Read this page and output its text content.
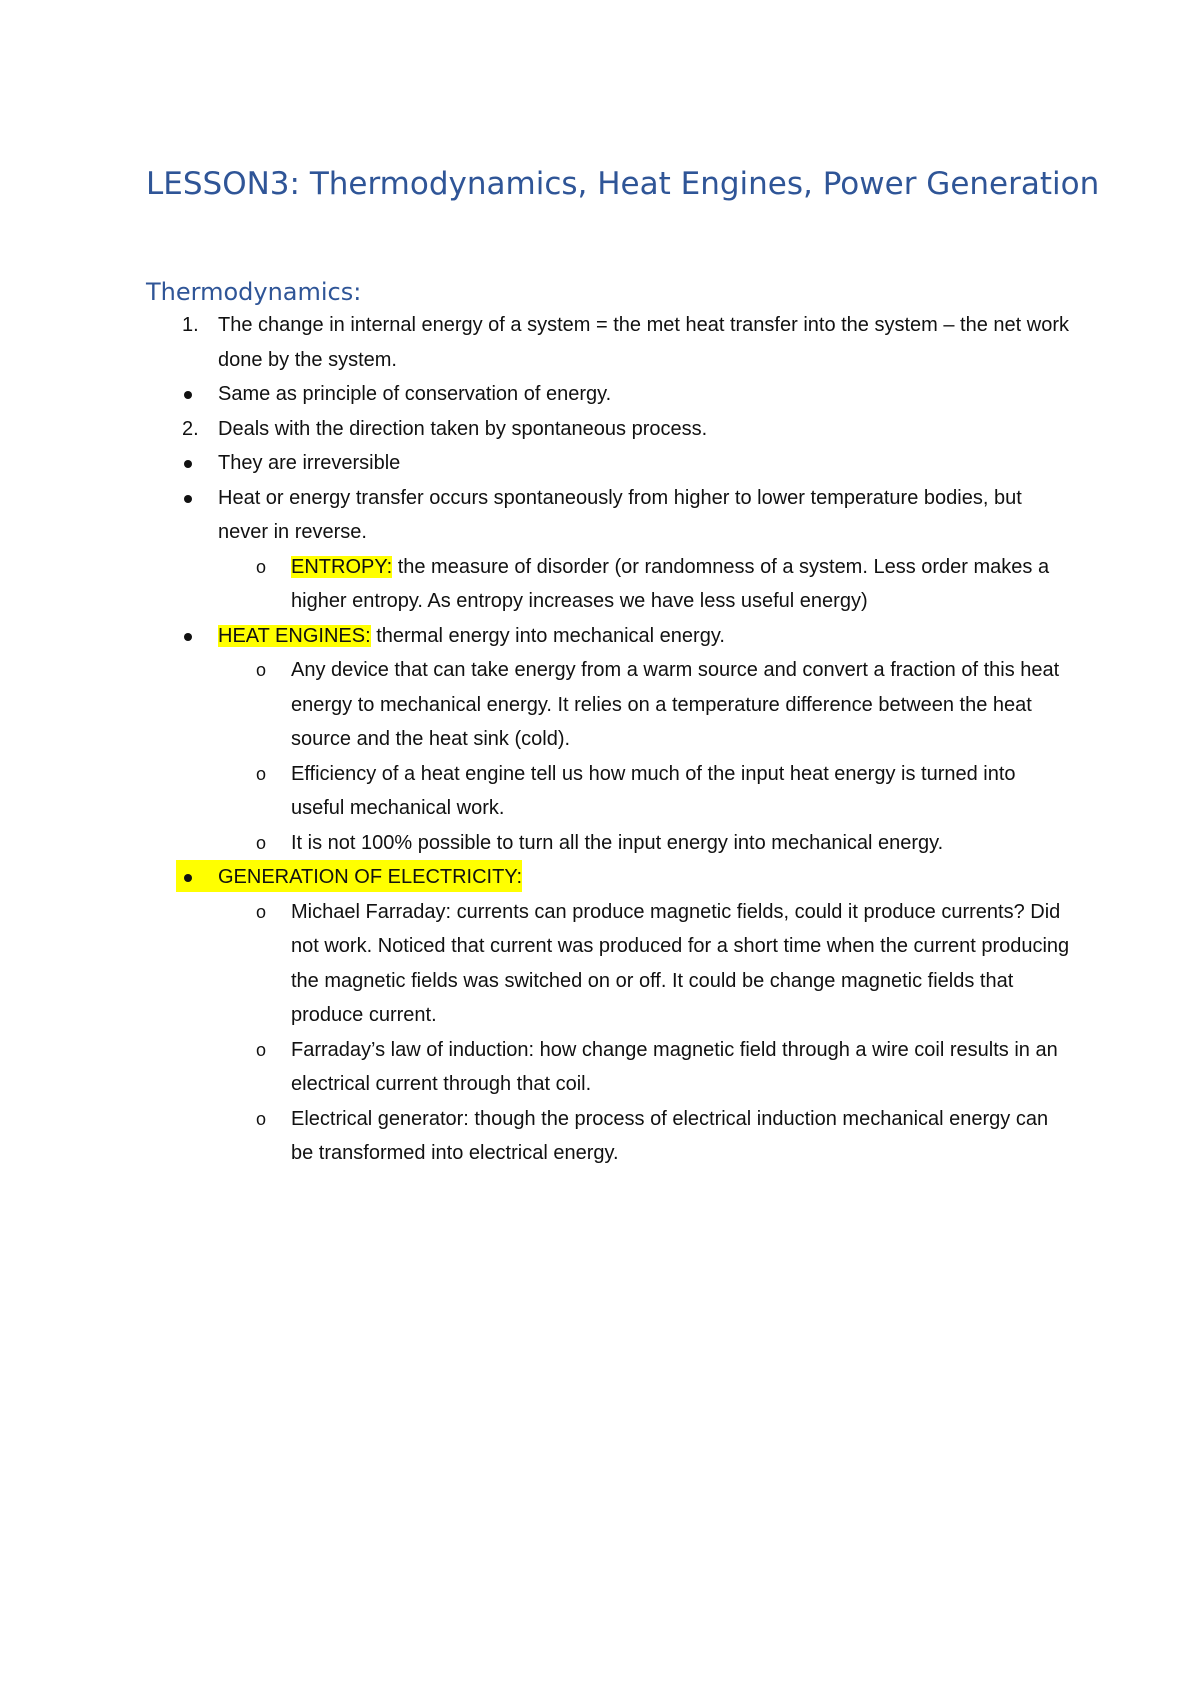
LESSON3: Thermodynamics, Heat Engines, Power Generation
Thermodynamics:
1. The change in internal energy of a system = the met heat transfer into the system – the net work done by the system.
Same as principle of conservation of energy.
2. Deals with the direction taken by spontaneous process.
They are irreversible
Heat or energy transfer occurs spontaneously from higher to lower temperature bodies, but never in reverse.
o ENTROPY: the measure of disorder (or randomness of a system. Less order makes a higher entropy. As entropy increases we have less useful energy)
HEAT ENGINES: thermal energy into mechanical energy.
o Any device that can take energy from a warm source and convert a fraction of this heat energy to mechanical energy. It relies on a temperature difference between the heat source and the heat sink (cold).
o Efficiency of a heat engine tell us how much of the input heat energy is turned into useful mechanical work.
o It is not 100% possible to turn all the input energy into mechanical energy.
GENERATION OF ELECTRICITY:
o Michael Farraday: currents can produce magnetic fields, could it produce currents? Did not work. Noticed that current was produced for a short time when the current producing the magnetic fields was switched on or off. It could be change magnetic fields that produce current.
o Farraday’s law of induction: how change magnetic field through a wire coil results in an electrical current through that coil.
o Electrical generator: though the process of electrical induction mechanical energy can be transformed into electrical energy.
